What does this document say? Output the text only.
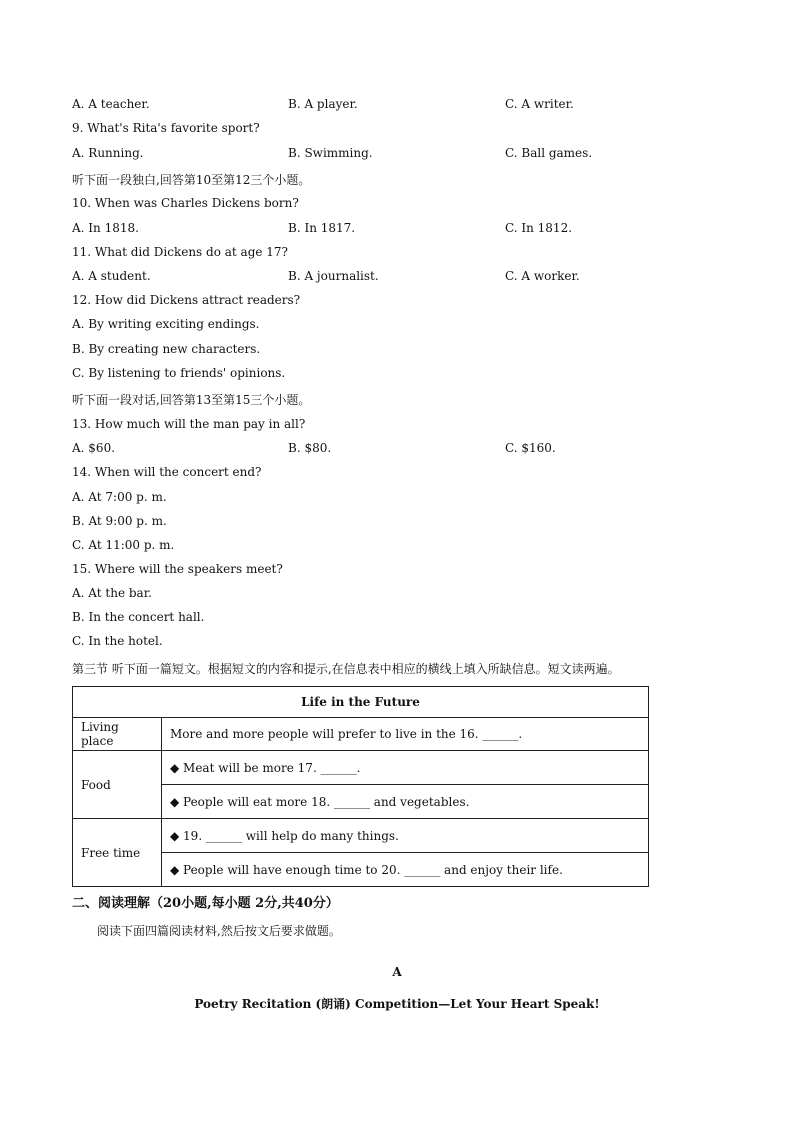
A. A teacher.	B. A player.	C. A writer.
9. What's Rita's favorite sport?
A. Running.	B. Swimming.	C. Ball games.
听下面一段独白,回答第10至第12三个小题。
10. When was Charles Dickens born?
A. In 1818.	B. In 1817.	C. In 1812.
11. What did Dickens do at age 17?
A. A student.	B. A journalist.	C. A worker.
12. How did Dickens attract readers?
A. By writing exciting endings.
B. By creating new characters.
C. By listening to friends' opinions.
听下面一段对话,回答第13至第15三个小题。
13. How much will the man pay in all?
A. $60.	B. $80.	C. $160.
14. When will the concert end?
A. At 7:00 p. m.
B. At 9:00 p. m.
C. At 11:00 p. m.
15. Where will the speakers meet?
A. At the bar.
B. In the concert hall.
C. In the hotel.
第三节 听下面一篇短文。根据短文的内容和提示,在信息表中相应的横线上填入所缺信息。短文读两遍。
Life in the Future	
Living place	More and more people will prefer to live in the 16. ______.
Food	◆ Meat will be more 17. ______.
	◆ People will eat more 18. ______ and vegetables.
Free time	◆ 19. ______ will help do many things.
	◆ People will have enough time to 20. ______ and enjoy their life.
二、阅读理解（20小题,每小题 2分,共40分）
阅读下面四篇阅读材料,然后按文后要求做题。
A
Poetry Recitation (朗诵) Competition—Let Your Heart Speak!
